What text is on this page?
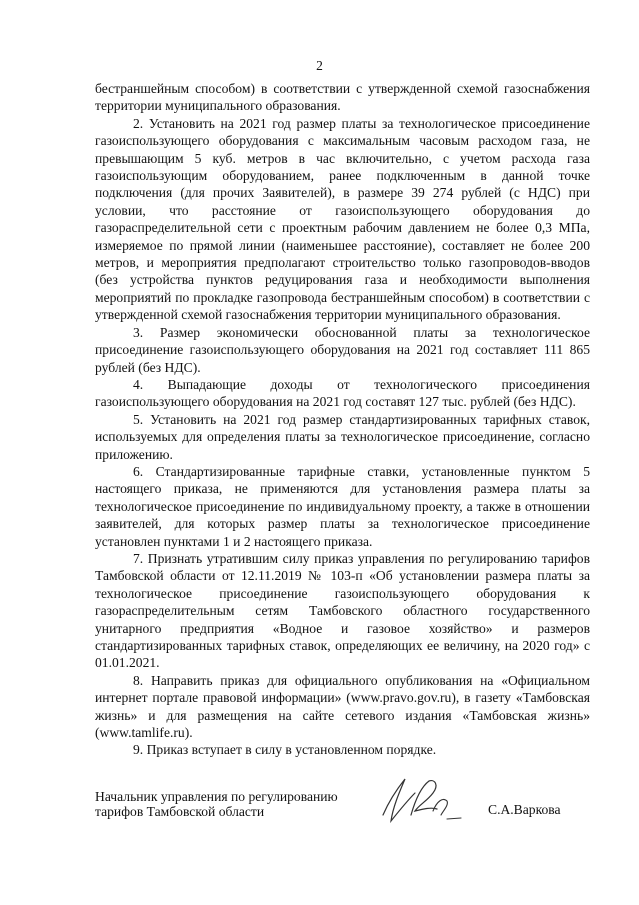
2

бестраншейным способом) в соответствии с утвержденной схемой газоснабжения территории муниципального образования.

2. Установить на 2021 год размер платы за технологическое присоединение газоиспользующего оборудования с максимальным часовым расходом газа, не превышающим 5 куб. метров в час включительно, с учетом расхода газа газоиспользующим оборудованием, ранее подключенным в данной точке подключения (для прочих Заявителей), в размере 39 274 рублей (с НДС) при условии, что расстояние от газоиспользующего оборудования до газораспределительной сети с проектным рабочим давлением не более 0,3 МПа, измеряемое по прямой линии (наименьшее расстояние), составляет не более 200 метров, и мероприятия предполагают строительство только газопроводов-вводов (без устройства пунктов редуцирования газа и необходимости выполнения мероприятий по прокладке газопровода бестраншейным способом) в соответствии с утвержденной схемой газоснабжения территории муниципального образования.

3. Размер экономически обоснованной платы за технологическое присоединение газоиспользующего оборудования на 2021 год составляет 111 865 рублей (без НДС).

4. Выпадающие доходы от технологического присоединения газоиспользующего оборудования на 2021 год составят 127 тыс. рублей (без НДС).

5. Установить на 2021 год размер стандартизированных тарифных ставок, используемых для определения платы за технологическое присоединение, согласно приложению.

6. Стандартизированные тарифные ставки, установленные пунктом 5 настоящего приказа, не применяются для установления размера платы за технологическое присоединение по индивидуальному проекту, а также в отношении заявителей, для которых размер платы за технологическое присоединение установлен пунктами 1 и 2 настоящего приказа.

7. Признать утратившим силу приказ управления по регулированию тарифов Тамбовской области от 12.11.2019 № 103-п «Об установлении размера платы за технологическое присоединение газоиспользующего оборудования к газораспределительным сетям Тамбовского областного государственного унитарного предприятия «Водное и газовое хозяйство» и размеров стандартизированных тарифных ставок, определяющих ее величину, на 2020 год» с 01.01.2021.

8. Направить приказ для официального опубликования на «Официальном интернет портале правовой информации» (www.pravo.gov.ru), в газету «Тамбовская жизнь» и для размещения на сайте сетевого издания «Тамбовская жизнь» (www.tamlife.ru).

9. Приказ вступает в силу в установленном порядке.

Начальник управления по регулированию
тарифов Тамбовской области	С.А.Варкова
